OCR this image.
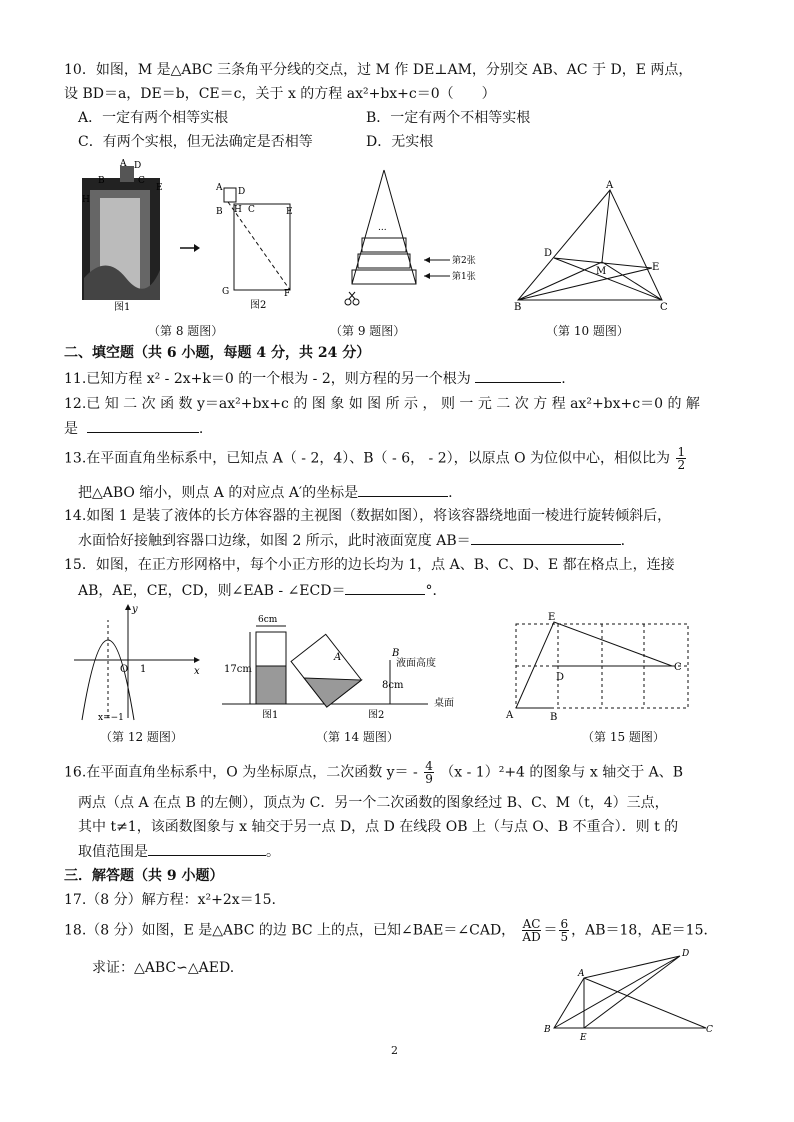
10．如图，M 是△ABC 三条角平分线的交点，过 M 作 DE⊥AM，分别交 AB、AC 于 D，E 两点，
设 BD＝a，DE＝b，CE＝c，关于 x 的方程 ax²+bx+c＝0（　　）
A．一定有两个相等实根	B．一定有两个不相等实根
C．有两个实根，但无法确定是否相等	D．无实根
A D
B
H
C
E
图1
A D
B H C	E
G	F
图2
（第 8 题图）
...
第2张
第1张
（第 9 题图）
A
D
M	E
B	C
（第 10 题图）
二、填空题（共 6 小题，每题 4 分，共 24 分）
11.已知方程 x² - 2x+k＝0 的一个根为 - 2，则方程的另一个根为	.
12.已 知 二 次 函 数 y＝ax²+bx+c 的 图 象 如 图 所 示 ， 则 一 元 二 次 方 程 ax²+bx+c＝0 的 解
是	.
13.在平面直角坐标系中，已知点 A（ - 2，4）、B（ - 6， - 2），以原点 O 为位似中心，相似比为 $\frac{1}{2}$
把△ABO 缩小，则点 A 的对应点 A′的坐标是	.
14.如图 1 是装了液体的长方体容器的主视图（数据如图），将该容器绕地面一棱进行旋转倾斜后，
水面恰好接触到容器口边缘，如图 2 所示，此时液面宽度 AB＝	.
15．如图，在正方形网格中，每个小正方形的边长均为 1，点 A、B、C、D、E 都在格点上，连接
AB，AE，CE，CD，则∠EAB - ∠ECD＝	°．
y
x
O 1
x=−1
（第 12 题图）
6cm
17cm
A	B
液面高度
8cm
桌面
图1	图2
（第 14 题图）
E
D
C
A	B
（第 15 题图）
16.在平面直角坐标系中，O 为坐标原点，二次函数 $y= - \frac{4}{9} (x - 1)^2+4$ 的图象与 x 轴交于 A、B
两点（点 A 在点 B 的左侧），顶点为 C．另一个二次函数的图象经过 B、C、M（t，4）三点，
其中 t≠1，该函数图象与 x 轴交于另一点 D，点 D 在线段 OB 上（与点 O、B 不重合）．则 t 的
取值范围是	。
三．解答题（共 9 小题）
17.（8 分）解方程：x²+2x＝15.
18.（8 分）如图，E 是△ABC 的边 BC 上的点，已知∠BAE＝∠CAD， $\frac{AC}{AD} = \frac{6}{5}$ ，AB＝18，AE＝15．
求证：△ABC∽△AED.	A
D
B
E
C
2
